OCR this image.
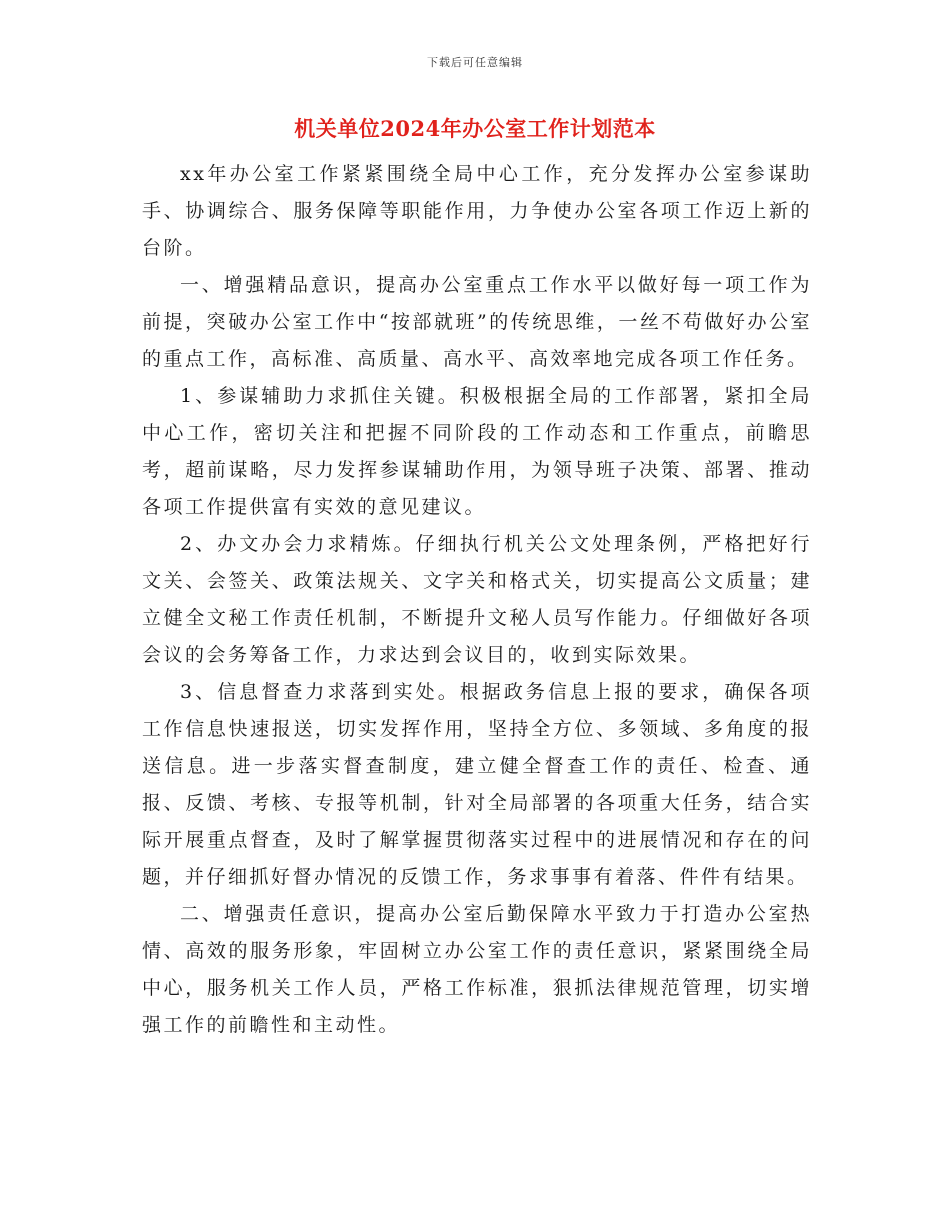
下载后可任意编辑
机关单位2024年办公室工作计划范本

xx年办公室工作紧紧围绕全局中心工作，充分发挥办公室参谋助手、协调综合、服务保障等职能作用，力争使办公室各项工作迈上新的台阶。

一、增强精品意识，提高办公室重点工作水平以做好每一项工作为前提，突破办公室工作中“按部就班”的传统思维，一丝不苟做好办公室的重点工作，高标准、高质量、高水平、高效率地完成各项工作任务。

1、参谋辅助力求抓住关键。积极根据全局的工作部署，紧扣全局中心工作，密切关注和把握不同阶段的工作动态和工作重点，前瞻思考，超前谋略，尽力发挥参谋辅助作用，为领导班子决策、部署、推动各项工作提供富有实效的意见建议。

2、办文办会力求精炼。仔细执行机关公文处理条例，严格把好行文关、会签关、政策法规关、文字关和格式关，切实提高公文质量；建立健全文秘工作责任机制，不断提升文秘人员写作能力。仔细做好各项会议的会务筹备工作，力求达到会议目的，收到实际效果。

3、信息督查力求落到实处。根据政务信息上报的要求，确保各项工作信息快速报送，切实发挥作用，坚持全方位、多领域、多角度的报送信息。进一步落实督查制度，建立健全督查工作的责任、检查、通报、反馈、考核、专报等机制，针对全局部署的各项重大任务，结合实际开展重点督查，及时了解掌握贯彻落实过程中的进展情况和存在的问题，并仔细抓好督办情况的反馈工作，务求事事有着落、件件有结果。

二、增强责任意识，提高办公室后勤保障水平致力于打造办公室热情、高效的服务形象，牢固树立办公室工作的责任意识，紧紧围绕全局中心，服务机关工作人员，严格工作标准，狠抓法律规范管理，切实增强工作的前瞻性和主动性。
